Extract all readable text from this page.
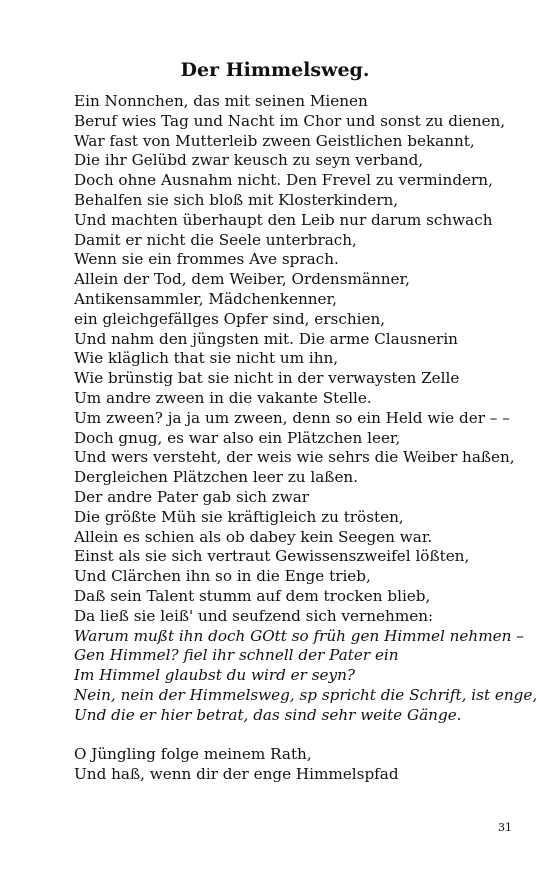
Der Himmelsweg.
Ein Nonnchen, das mit seinen Mienen
Beruf wies Tag und Nacht im Chor und sonst zu dienen,
War fast von Mutterleib zween Geistlichen bekannt,
Die ihr Gelübd zwar keusch zu seyn verband,
Doch ohne Ausnahm nicht. Den Frevel zu vermindern,
Behalfen sie sich bloß mit Klosterkindern,
Und machten überhaupt den Leib nur darum schwach
Damit er nicht die Seele unterbrach,
Wenn sie ein frommes Ave sprach.
Allein der Tod, dem Weiber, Ordensmänner,
Antikensammler, Mädchenkenner,
ein gleichgefällges Opfer sind, erschien,
Und nahm den jüngsten mit. Die arme Clausnerin
Wie kläglich that sie nicht um ihn,
Wie brünstig bat sie nicht in der verwaysten Zelle
Um andre zween in die vakante Stelle.
Um zween? ja ja um zween, denn so ein Held wie der – –
Doch gnug, es war also ein Plätzchen leer,
Und wers versteht, der weis wie sehrs die Weiber haßen,
Dergleichen Plätzchen leer zu laßen.
Der andre Pater gab sich zwar
Die größte Müh sie kräftigleich zu trösten,
Allein es schien als ob dabey kein Seegen war.
Einst als sie sich vertraut Gewissenszweifel lößten,
Und Clärchen ihn so in die Enge trieb,
Daß sein Talent stumm auf dem trocken blieb,
Da ließ sie leiß' und seufzend sich vernehmen:
Warum mußt ihn doch GOtt so früh gen Himmel nehmen –
Gen Himmel? fiel ihr schnell der Pater ein
Im Himmel glaubst du wird er seyn?
Nein, nein der Himmelsweg, sp spricht die Schrift, ist enge,
Und die er hier betrat, das sind sehr weite Gänge.
O Jüngling folge meinem Rath,
Und haß, wenn dir der enge Himmelspfad
31
